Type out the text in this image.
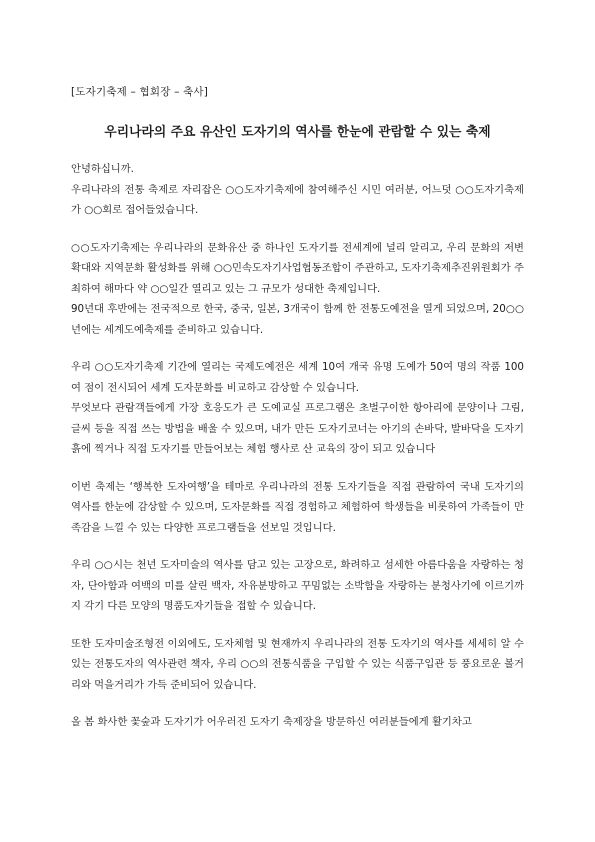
[도자기축제 – 협회장 – 축사]
우리나라의 주요 유산인 도자기의 역사를 한눈에 관람할 수 있는 축제

안녕하십니까.

우리나라의 전통 축제로 자리잡은 ○○도자기축제에 참여해주신 시민 여러분, 어느덧 ○○도자기축제가 ○○회로 접어들었습니다.

○○도자기축제는 우리나라의 문화유산 중 하나인 도자기를 전세계에 널리 알리고, 우리 문화의 저변 확대와 지역문화 활성화를 위해 ○○민속도자기사업협동조합이 주관하고, 도자기축제추진위원회가 주최하여 해마다 약 ○○일간 열리고 있는 그 규모가 성대한 축제입니다.

90년대 후반에는 전국적으로 한국, 중국, 일본, 3개국이 함께 한 전통도예전을 열게 되었으며, 20○○년에는 세계도예축제를 준비하고 있습니다.

우리 ○○도자기축제 기간에 열리는 국제도예전은 세계 10여 개국 유명 도예가 50여 명의 작품 100여 점이 전시되어 세계 도자문화를 비교하고 감상할 수 있습니다.

무엇보다 관람객들에게 가장 호응도가 큰 도예교실 프로그램은 초벌구이한 항아리에 문양이나 그림, 글씨 등을 직접 쓰는 방법을 배울 수 있으며, 내가 만든 도자기코너는 아기의 손바닥, 발바닥을 도자기 흙에 찍거나 직접 도자기를 만들어보는 체험 행사로 산 교육의 장이 되고 있습니다

이번 축제는 ‘행복한 도자여행’을 테마로 우리나라의 전통 도자기들을 직접 관람하여 국내 도자기의 역사를 한눈에 감상할 수 있으며, 도자문화를 직접 경험하고 체험하여 학생들을 비롯하여 가족들이 만족감을 느낄 수 있는 다양한 프로그램들을 선보일 것입니다.

우리 ○○시는 천년 도자미술의 역사를 담고 있는 고장으로, 화려하고 섬세한 아름다움을 자랑하는 청자, 단아함과 여백의 미를 살린 백자, 자유분방하고 꾸밈없는 소박함을 자랑하는 분청사기에 이르기까지 각기 다른 모양의 명품도자기들을 접할 수 있습니다.

또한 도자미술조형전 이외에도, 도자체험 및 현재까지 우리나라의 전통 도자기의 역사를 세세히 알 수 있는 전통도자의 역사관련 책자, 우리 ○○의 전통식품을 구입할 수 있는 식품구입관 등 풍요로운 볼거리와 먹을거리가 가득 준비되어 있습니다.

올 봄 화사한 꽃숲과 도자기가 어우러진 도자기 축제장을 방문하신 여러분들에게 활기차고
